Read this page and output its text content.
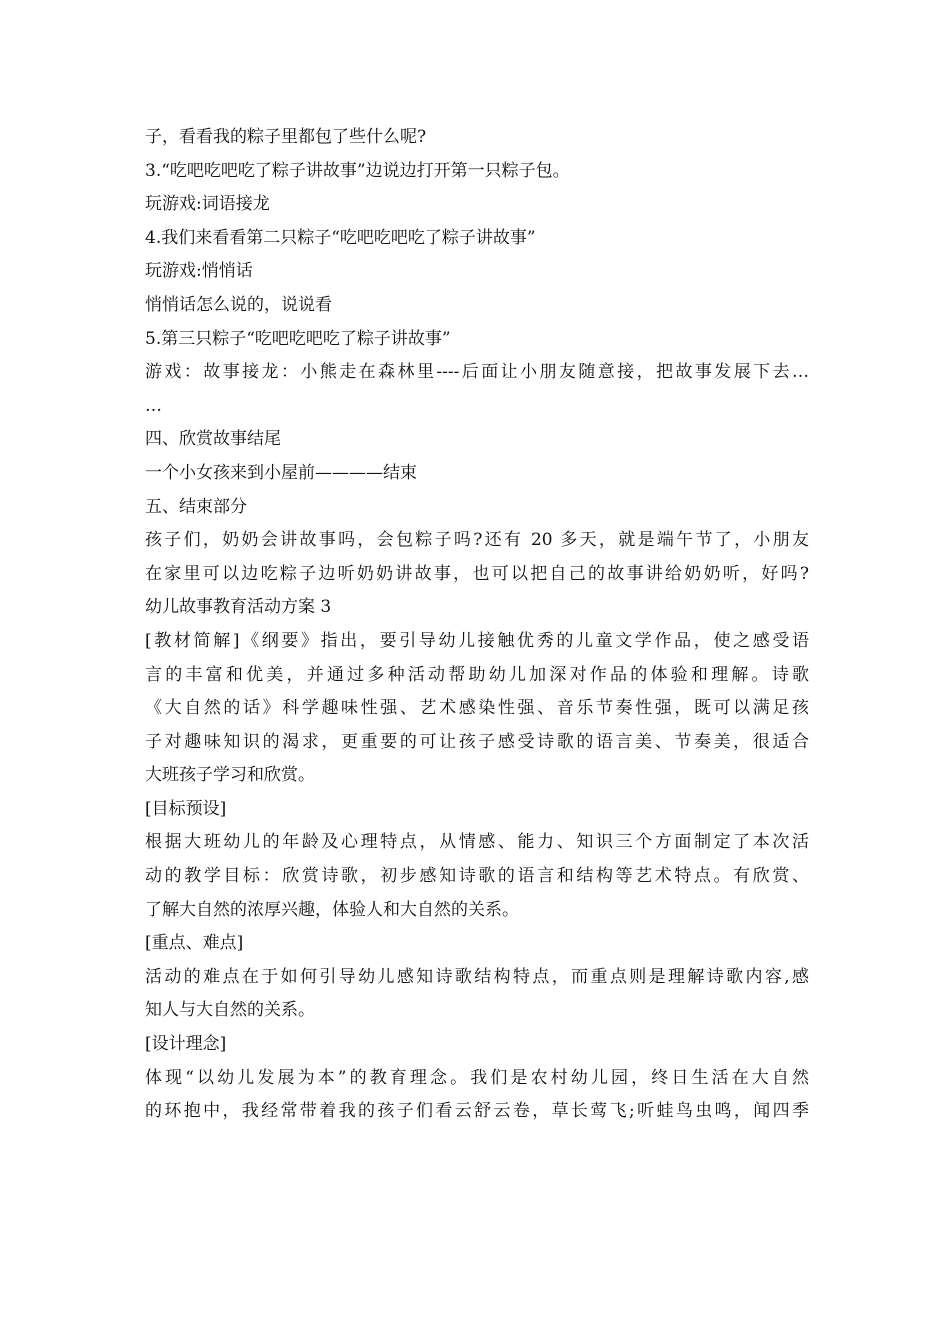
子，看看我的粽子里都包了些什么呢?
3.“吃吧吃吧吃了粽子讲故事”边说边打开第一只粽子包。
玩游戏:词语接龙
4.我们来看看第二只粽子“吃吧吃吧吃了粽子讲故事”
玩游戏:悄悄话
悄悄话怎么说的，说说看
5.第三只粽子“吃吧吃吧吃了粽子讲故事”
游戏：故事接龙：小熊走在森林里----后面让小朋友随意接，把故事发展下去…
…
四、欣赏故事结尾
一个小女孩来到小屋前————结束
五、结束部分
孩子们，奶奶会讲故事吗，会包粽子吗?还有 20 多天，就是端午节了，小朋友
在家里可以边吃粽子边听奶奶讲故事，也可以把自己的故事讲给奶奶听，好吗?
幼儿故事教育活动方案 3
[教材简解]《纲要》指出，要引导幼儿接触优秀的儿童文学作品，使之感受语
言的丰富和优美，并通过多种活动帮助幼儿加深对作品的体验和理解。诗歌
《大自然的话》科学趣味性强、艺术感染性强、音乐节奏性强，既可以满足孩
子对趣味知识的渴求，更重要的可让孩子感受诗歌的语言美、节奏美，很适合
大班孩子学习和欣赏。
[目标预设]
根据大班幼儿的年龄及心理特点，从情感、能力、知识三个方面制定了本次活
动的教学目标：欣赏诗歌，初步感知诗歌的语言和结构等艺术特点。有欣赏、
了解大自然的浓厚兴趣，体验人和大自然的关系。
[重点、难点]
活动的难点在于如何引导幼儿感知诗歌结构特点，而重点则是理解诗歌内容,感
知人与大自然的关系。
[设计理念]
体现“以幼儿发展为本”的教育理念。我们是农村幼儿园，终日生活在大自然
的环抱中，我经常带着我的孩子们看云舒云卷，草长莺飞;听蛙鸟虫鸣，闻四季
